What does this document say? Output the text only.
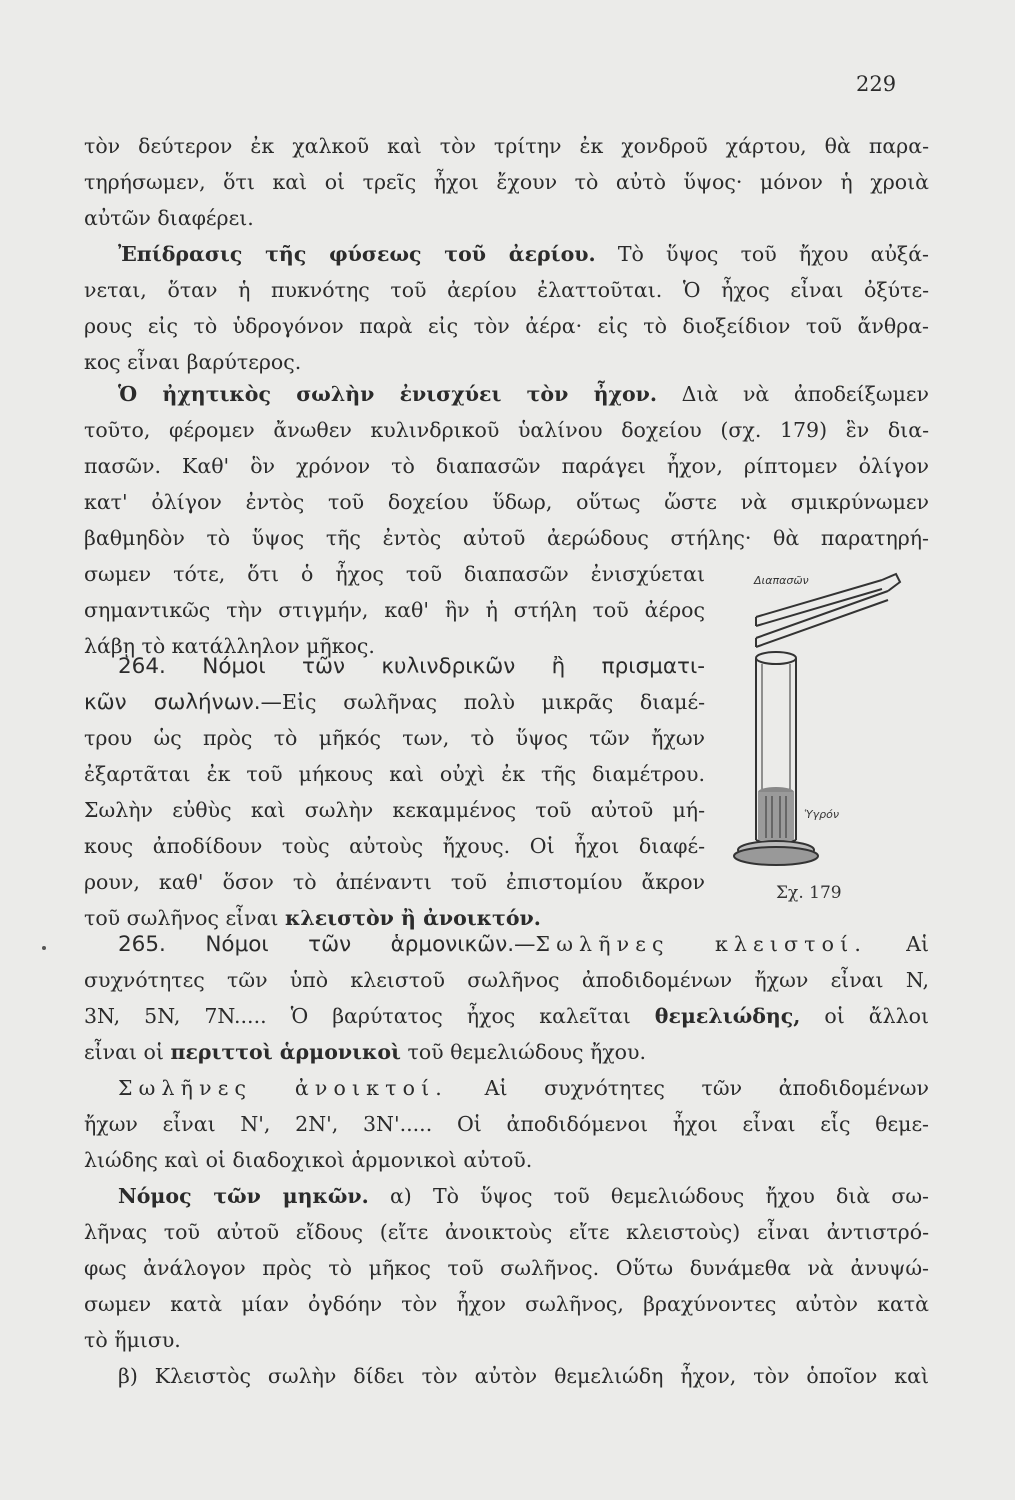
229
τὸν δεύτερον ἐκ χαλκοῦ καὶ τὸν τρίτην ἐκ χονδροῦ χάρτου, θὰ παρα-
τηρήσωμεν, ὅτι καὶ οἱ τρεῖς ἦχοι ἔχουν τὸ αὐτὸ ὕψος· μόνον ἡ χροιὰ
αὐτῶν διαφέρει.
Ἐπίδρασις τῆς φύσεως τοῦ ἀερίου. Τὸ ὕψος τοῦ ἤχου αὐξά-
νεται, ὅταν ἡ πυκνότης τοῦ ἀερίου ἐλαττοῦται. Ὁ ἦχος εἶναι ὀξύτε-
ρους εἰς τὸ ὑδρογόνον παρὰ εἰς τὸν ἀέρα· εἰς τὸ διοξείδιον τοῦ ἄνθρα-
κος εἶναι βαρύτερος.
Ὁ ἠχητικὸς σωλὴν ἐνισχύει τὸν ἦχον. Διὰ νὰ ἀποδείξωμεν
τοῦτο, φέρομεν ἄνωθεν κυλινδρικοῦ ὑαλίνου δοχείου (σχ. 179) ἓν δια-
πασῶν. Καθ' ὃν χρόνον τὸ διαπασῶν παράγει ἦχον, ρίπτομεν ὀλίγον
κατ' ὀλίγον ἐντὸς τοῦ δοχείου ὕδωρ, οὕτως ὥστε νὰ σμικρύνωμεν
βαθμηδὸν τὸ ὕψος τῆς ἐντὸς αὐτοῦ ἀερώδους στήλης· θὰ παρατηρή-
σωμεν τότε, ὅτι ὁ ἦχος τοῦ διαπασῶν ἐνισχύεται
σημαντικῶς τὴν στιγμήν, καθ' ἣν ἡ στήλη τοῦ ἀέρος
λάβῃ τὸ κατάλληλον μῆκος.
264. Νόμοι τῶν κυλινδρικῶν ἢ πρισματι-
κῶν σωλήνων.—Εἰς σωλῆνας πολὺ μικρᾶς διαμέ-
τρου ὡς πρὸς τὸ μῆκός των, τὸ ὕψος τῶν ἤχων
ἐξαρτᾶται ἐκ τοῦ μήκους καὶ οὐχὶ ἐκ τῆς διαμέτρου.
Σωλὴν εὐθὺς καὶ σωλὴν κεκαμμένος τοῦ αὐτοῦ μή-
κους ἀποδίδουν τοὺς αὐτοὺς ἤχους. Οἱ ἦχοι διαφέ-
ρουν, καθ' ὅσον τὸ ἀπέναντι τοῦ ἐπιστομίου ἄκρον
τοῦ σωλῆνος εἶναι κλειστὸν ἢ ἀνοικτόν.
265. Νόμοι τῶν ἁρμονικῶν.—Σωλῆνες κλειστοί. Αἱ
συχνότητες τῶν ὑπὸ κλειστοῦ σωλῆνος ἀποδιδομένων ἤχων εἶναι N,
3N, 5N, 7N..... Ὁ βαρύτατος ἦχος καλεῖται θεμελιώδης, οἱ ἄλλοι
εἶναι οἱ περιττοὶ ἁρμονικοὶ τοῦ θεμελιώδους ἤχου.
Σωλῆνες ἀνοικτοί. Αἱ συχνότητες τῶν ἀποδιδομένων
ἤχων εἶναι N', 2N', 3N'..... Οἱ ἀποδιδόμενοι ἦχοι εἶναι εἷς θεμε-
λιώδης καὶ οἱ διαδοχικοὶ ἁρμονικοὶ αὐτοῦ.
Νόμος τῶν μηκῶν. α) Τὸ ὕψος τοῦ θεμελιώδους ἤχου διὰ σω-
λῆνας τοῦ αὐτοῦ εἴδους (εἴτε ἀνοικτοὺς εἴτε κλειστοὺς) εἶναι ἀντιστρό-
φως ἀνάλογον πρὸς τὸ μῆκος τοῦ σωλῆνος. Οὕτω δυνάμεθα νὰ ἀνυψώ-
σωμεν κατὰ μίαν ὀγδόην τὸν ἦχον σωλῆνος, βραχύνοντες αὐτὸν κατὰ
τὸ ἥμισυ.
β) Κλειστὸς σωλὴν δίδει τὸν αὐτὸν θεμελιώδη ἦχον, τὸν ὁποῖον καὶ
Διαπασῶν
Ὑγρόν
Σχ. 179
